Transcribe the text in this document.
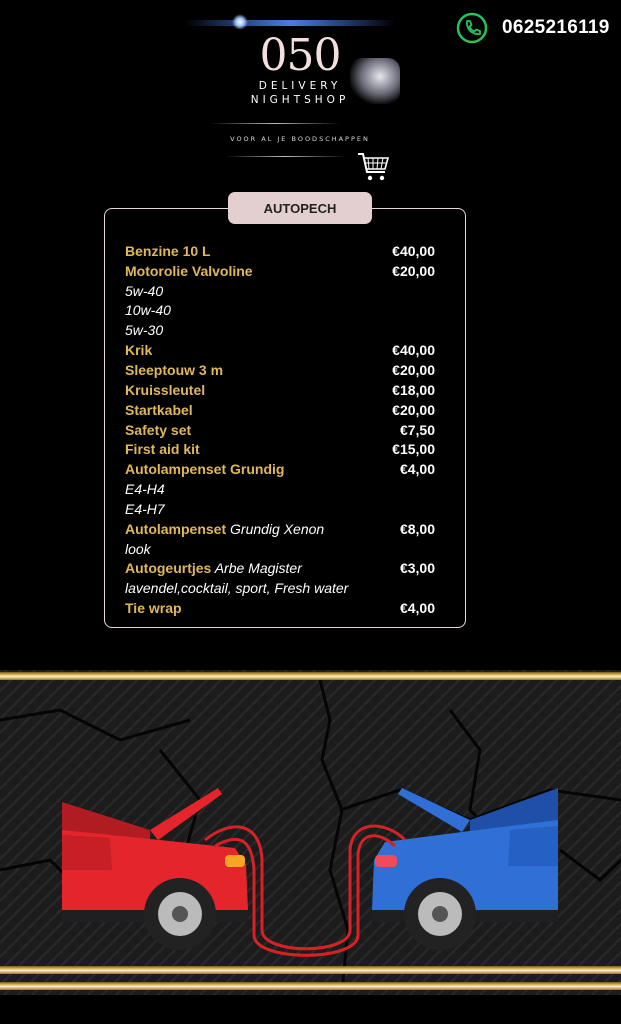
0625216119
050
DELIVERY
NIGHTSHOP
VOOR AL JE BOODSCHAPPEN
AUTOPECH
Benzine 10 L	€40,00
Motorolie Valvoline	€20,00
5w-40
10w-40
5w-30
Krik	€40,00
Sleeptouw 3 m	€20,00
Kruissleutel	€18,00
Startkabel	€20,00
Safety set	€7,50
First aid kit	€15,00
Autolampenset Grundig	€4,00
E4-H4
E4-H7
Autolampenset Grundig Xenon	€8,00
look
Autogeurtjes Arbe Magister	€3,00
lavendel,cocktail, sport, Fresh water
Tie wrap	€4,00
